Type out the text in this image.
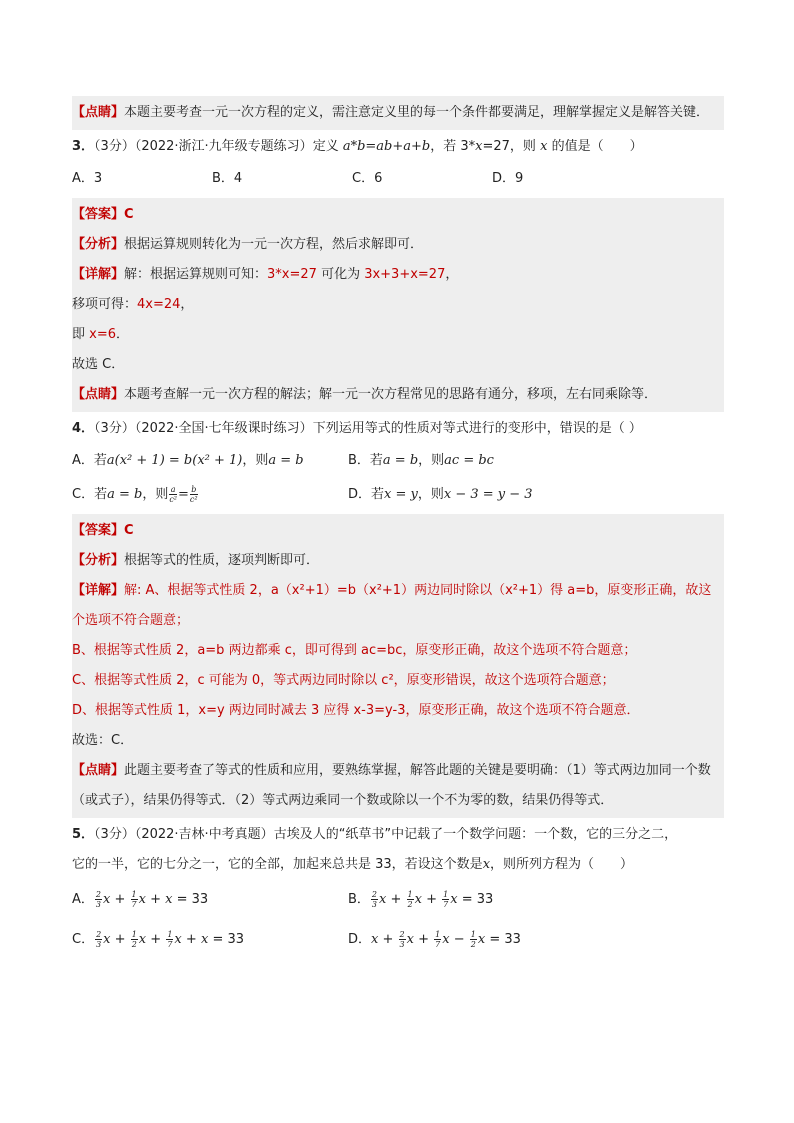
【点睛】本题主要考查一元一次方程的定义，需注意定义里的每一个条件都要满足，理解掌握定义是解答关键．
3．（3分）（2022·浙江·九年级专题练习）定义 a*b=ab+a+b，若 3*x=27，则 x 的值是（　　）
A．3	B．4	C．6	D．9
【答案】C
【分析】根据运算规则转化为一元一次方程，然后求解即可．
【详解】解：根据运算规则可知：3*x=27 可化为 3x+3+x=27，
移项可得：4x=24，
即 x=6．
故选 C．
【点睛】本题考查解一元一次方程的解法；解一元一次方程常见的思路有通分，移项，左右同乘除等．
4．（3分）（2022·全国·七年级课时练习）下列运用等式的性质对等式进行的变形中，错误的是（ ）
A．若a(x² + 1) = b(x² + 1)，则a = b	B．若a = b，则ac = bc
C．若a = b，则 $\frac{a}{\text{c²}} = \frac{b}{\text{c²}}$	D．若x = y，则x − 3 = y − 3
【答案】C
【分析】根据等式的性质，逐项判断即可．
【详解】解: A、根据等式性质 2，a（x²+1）=b（x²+1）两边同时除以（x²+1）得 a=b，原变形正确，故这个选项不符合题意；
B、根据等式性质 2，a=b 两边都乘 c，即可得到 ac=bc，原变形正确，故这个选项不符合题意；
C、根据等式性质 2，c 可能为 0，等式两边同时除以 c²，原变形错误，故这个选项符合题意；
D、根据等式性质 1，x=y 两边同时减去 3 应得 x-3=y-3，原变形正确，故这个选项不符合题意．
故选：C．
【点睛】此题主要考查了等式的性质和应用，要熟练掌握，解答此题的关键是要明确：（1）等式两边加同一个数（或式子），结果仍得等式．（2）等式两边乘同一个数或除以一个不为零的数，结果仍得等式．
5．（3分）（2022·吉林·中考真题）古埃及人的“纸草书”中记载了一个数学问题：一个数，它的三分之二，
它的一半，它的七分之一，它的全部，加起来总共是 33，若设这个数是x，则所列方程为（　　）
A． $\frac{2}{3}$ $x + \frac{1}{7}$ x + x = 33	B． $\frac{2}{3}$ $x + \frac{1}{2}$ $x + \frac{1}{7}$ x = 33
C． $\frac{2}{3}$ $x + \frac{1}{2}$ $x + \frac{1}{7}$ x + x = 33	D．$x + \frac{2}{3}$ $x + \frac{1}{7}$ $x - \frac{1}{2}$ x = 33
